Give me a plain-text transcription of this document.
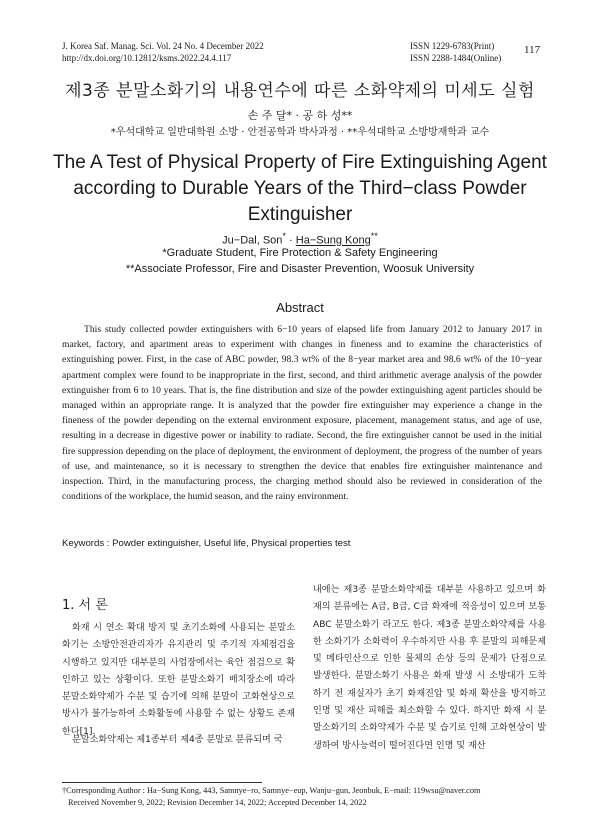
J. Korea Saf. Manag. Sci. Vol. 24 No. 4 December 2022
http://dx.doi.org/10.12812/ksms.2022.24.4.117
ISSN 1229-6783(Print)
ISSN 2288-1484(Online)
117
제3종 분말소화기의 내용연수에 따른 소화약제의 미세도 실험
손 주 달* · 공 하 성**
*우석대학교 일반대학원 소방 · 안전공학과 박사과정 · **우석대학교 소방방재학과 교수
The A Test of Physical Property of Fire Extinguishing Agent according to Durable Years of the Third−class Powder Extinguisher
Ju−Dal, Son* · Ha−Sung Kong**
*Graduate Student, Fire Protection & Safety Engineering
**Associate Professor, Fire and Disaster Prevention, Woosuk University
Abstract

This study collected powder extinguishers with 6−10 years of elapsed life from January 2012 to January 2017 in market, factory, and apartment areas to experiment with changes in fineness and to examine the characteristics of extinguishing power. First, in the case of ABC powder, 98.3 wt% of the 8−year market area and 98.6 wt% of the 10−year apartment complex were found to be inappropriate in the first, second, and third arithmetic average analysis of the powder extinguisher from 6 to 10 years. That is, the fine distribution and size of the powder extinguishing agent particles should be managed within an appropriate range. It is analyzed that the powder fire extinguisher may experience a change in the fineness of the powder depending on the external environment exposure, placement, management status, and age of use, resulting in a decrease in digestive power or inability to radiate. Second, the fire extinguisher cannot be used in the initial fire suppression depending on the place of deployment, the environment of deployment, the progress of the number of years of use, and maintenance, so it is necessary to strengthen the device that enables fire extinguisher maintenance and inspection. Third, in the manufacturing process, the charging method should also be reviewed in consideration of the conditions of the workplace, the humid season, and the rainy environment.

Keywords : Powder extinguisher, Useful life, Physical properties test
1. 서 론

화재 시 연소 확대 방지 및 초기소화에 사용되는 분말소화기는 소방안전관리자가 유지관리 및 주기적 자체점검을 시행하고 있지만 대부분의 사업장에서는 육안 점검으로 확인하고 있는 상황이다. 또한 분말소화기 배치장소에 따라 분말소화약제가 수분 및 습기에 의해 분말이 고화현상으로 방사가 불가능하여 소화활동에 사용할 수 없는 상황도 존재한다[1].

분말소화약제는 제1종부터 제4종 분말로 분류되며 국

내에는 제3종 분말소화약제를 대부분 사용하고 있으며 화재의 분류에는 A급, B급, C급 화재에 적응성이 있으며 보통 ABC 분말소화기 라고도 한다. 제3종 분말소화약제를 사용한 소화기가 소화력이 우수하지만 사용 후 분말의 피해문제 및 메타인산으로 인한 물체의 손상 등의 문제가 단점으로 발생한다. 분말소화기 사용은 화재 발생 시 소방대가 도착하기 전 재실자가 초기 화재진압 및 화재 확산을 방지하고 인명 및 재산 피해를 최소화할 수 있다. 하지만 화재 시 분말소화기의 소화약제가 수분 및 습기로 인해 고화현상이 발생하여 방사능력이 떨어진다면 인명 및 재산

†Corresponding Author : Ha−Sung Kong, 443, Samnye−ro, Samnye−eup, Wanju−gun, Jeonbuk, E−mail: 119wsu@naver.com
Received November 9, 2022; Revision December 14, 2022; Accepted December 14, 2022
